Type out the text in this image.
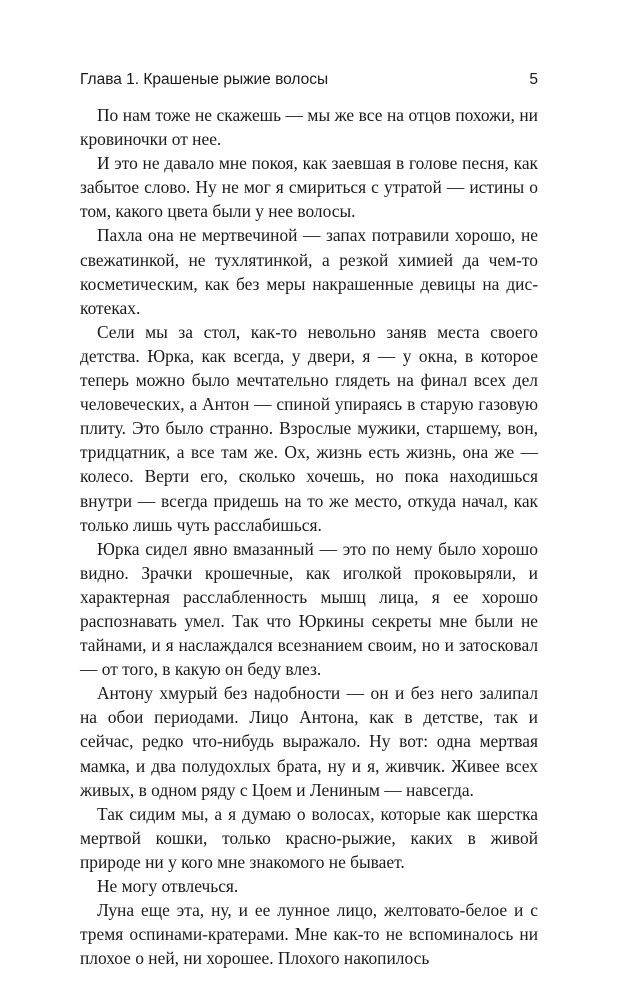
Глава 1. Крашеные рыжие волосы	5

По нам тоже не скажешь — мы же все на отцов похожи, ни кровиночки от нее.

И это не давало мне покоя, как заевшая в голове песня, как забытое слово. Ну не мог я смириться с утратой — истины о том, какого цвета были у нее волосы.

Пахла она не мертвечиной — запах потравили хорошо, не свежатинкой, не тухлятинкой, а резкой химией да чем-то косметическим, как без меры накрашенные девицы на дискотеках.

Сели мы за стол, как-то невольно заняв места своего детства. Юрка, как всегда, у двери, я — у окна, в которое теперь можно было мечтательно глядеть на финал всех дел человеческих, а Антон — спиной упираясь в старую газовую плиту. Это было странно. Взрослые мужики, старшему, вон, тридцатник, а все там же. Ох, жизнь есть жизнь, она же — колесо. Верти его, сколько хочешь, но пока находишься внутри — всегда придешь на то же место, откуда начал, как только лишь чуть расслабишься.

Юрка сидел явно вмазанный — это по нему было хорошо видно. Зрачки крошечные, как иголкой проковыряли, и характерная расслабленность мышц лица, я ее хорошо распознавать умел. Так что Юркины секреты мне были не тайнами, и я наслаждался всезнанием своим, но и затосковал — от того, в какую он беду влез.

Антону хмурый без надобности — он и без него залипал на обои периодами. Лицо Антона, как в детстве, так и сейчас, редко что-нибудь выражало. Ну вот: одна мертвая мамка, и два полудохлых брата, ну и я, живчик. Живее всех живых, в одном ряду с Цоем и Лениным — навсегда.

Так сидим мы, а я думаю о волосах, которые как шерстка мертвой кошки, только красно-рыжие, каких в живой природе ни у кого мне знакомого не бывает.

Не могу отвлечься.

Луна еще эта, ну, и ее лунное лицо, желтовато-белое и с тремя оспинами-кратерами. Мне как-то не вспоминалось ни плохое о ней, ни хорошее. Плохого накопилось
